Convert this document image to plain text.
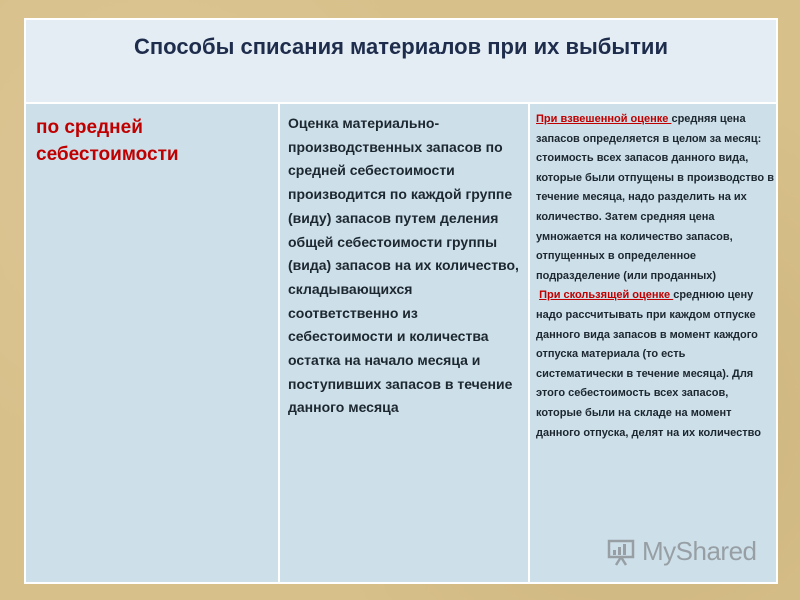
Способы списания материалов при их выбытии
по средней себестоимости
Оценка материально-производственных запасов по средней себестоимости производится по каждой группе (виду) запасов путем деления общей себестоимости группы (вида) запасов на их количество, складывающихся соответственно из себестоимости и количества остатка на начало месяца и поступивших запасов в течение данного месяца
При взвешенной оценке средняя цена запасов определяется в целом за месяц: стоимость всех запасов данного вида, которые были отпущены в производство в течение месяца, надо разделить на их количество. Затем средняя цена умножается на количество запасов, отпущенных в определенное подразделение (или проданных)
При скользящей оценке среднюю цену надо рассчитывать при каждом отпуске данного вида запасов в момент каждого отпуска материала (то есть систематически в течение месяца). Для этого себестоимость всех запасов, которые были на складе на момент данного отпуска, делят на их количество
MyShared
